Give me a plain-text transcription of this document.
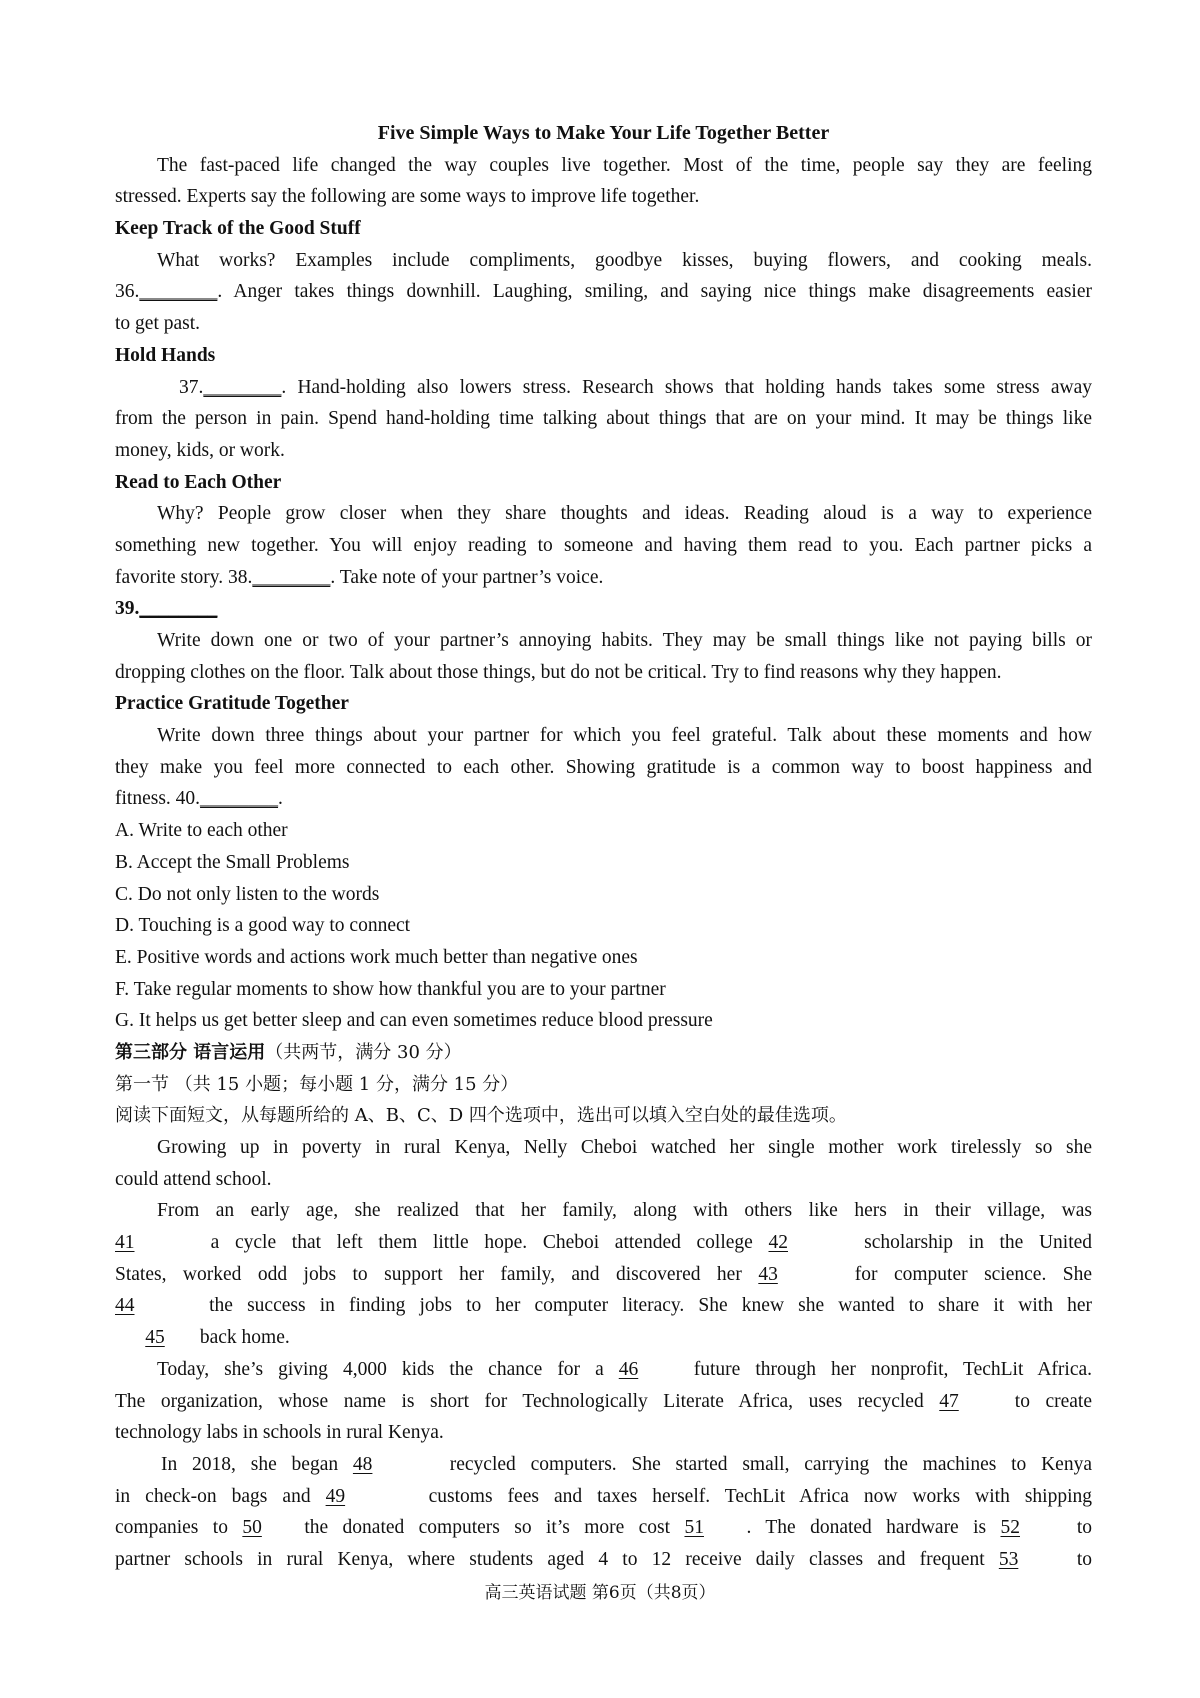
Five Simple Ways to Make Your Life Together Better
The fast-paced life changed the way couples live together. Most of the time, people say they are feeling
stressed. Experts say the following are some ways to improve life together.
Keep Track of the Good Stuff
What works? Examples include compliments, goodbye kisses, buying flowers, and cooking meals.
36.________. Anger takes things downhill. Laughing, smiling, and saying nice things make disagreements easier
to get past.
Hold Hands
37.________. Hand-holding also lowers stress. Research shows that holding hands takes some stress away
from the person in pain. Spend hand-holding time talking about things that are on your mind. It may be things like
money, kids, or work.
Read to Each Other
Why? People grow closer when they share thoughts and ideas. Reading aloud is a way to experience
something new together. You will enjoy reading to someone and having them read to you. Each partner picks a
favorite story. 38.________. Take note of your partner’s voice.
39.________
Write down one or two of your partner’s annoying habits. They may be small things like not paying bills or
dropping clothes on the floor. Talk about those things, but do not be critical. Try to find reasons why they happen.
Practice Gratitude Together
Write down three things about your partner for which you feel grateful. Talk about these moments and how
they make you feel more connected to each other. Showing gratitude is a common way to boost happiness and
fitness. 40.________.
A. Write to each other
B. Accept the Small Problems
C. Do not only listen to the words
D. Touching is a good way to connect
E. Positive words and actions work much better than negative ones
F. Take regular moments to show how thankful you are to your partner
G. It helps us get better sleep and can even sometimes reduce blood pressure
第三部分 语言运用（共两节，满分 30 分）
第一节 （共 15 小题；每小题 1 分，满分 15 分）
阅读下面短文，从每题所给的 A、B、C、D 四个选项中，选出可以填入空白处的最佳选项。
Growing up in poverty in rural Kenya, Nelly Cheboi watched her single mother work tirelessly so she
could attend school.
From an early age, she realized that her family, along with others like hers in their village, was
41	a cycle that left them little hope. Cheboi attended college 42	scholarship in the United
States, worked odd jobs to support her family, and discovered her 43	for computer science. She
44	the success in finding jobs to her computer literacy. She knew she wanted to share it with her
45 back home.
Today, she’s giving 4,000 kids the chance for a 46	future through her nonprofit, TechLit Africa.
The organization, whose name is short for Technologically Literate Africa, uses recycled 47	to create
technology labs in schools in rural Kenya.
In 2018, she began 48	recycled computers. She started small, carrying the machines to Kenya
in check-on bags and 49	customs fees and taxes herself. TechLit Africa now works with shipping
companies to 50 the donated computers so it’s more cost 51 . The donated hardware is 52	to
partner schools in rural Kenya, where students aged 4 to 12 receive daily classes and frequent 53	to
高三英语试题 第6页（共8页）
